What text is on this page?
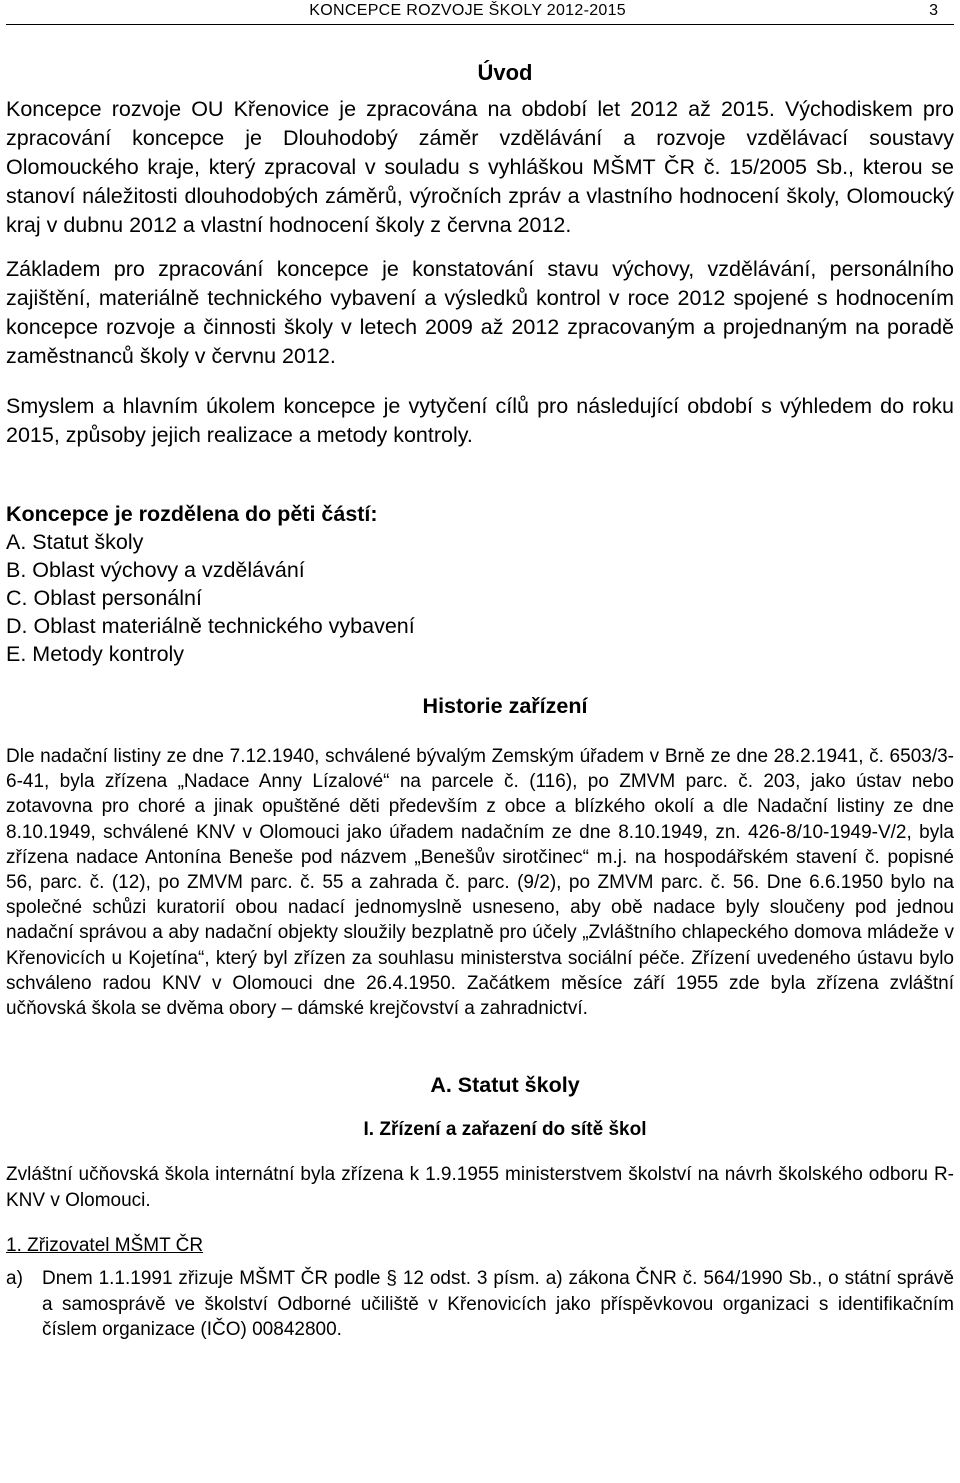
KONCEPCE ROZVOJE ŠKOLY 2012-2015	3
Úvod

Koncepce rozvoje OU Křenovice je zpracována na období let 2012 až 2015. Východiskem pro zpracování koncepce je Dlouhodobý záměr vzdělávání a rozvoje vzdělávací soustavy Olomouckého kraje, který zpracoval v souladu s vyhláškou MŠMT ČR č. 15/2005 Sb., kterou se stanoví náležitosti dlouhodobých záměrů, výročních zpráv a vlastního hodnocení školy, Olomoucký kraj v dubnu 2012 a vlastní hodnocení školy z června 2012.

Základem pro zpracování koncepce je konstatování stavu výchovy, vzdělávání, personálního zajištění, materiálně technického vybavení a výsledků kontrol v roce 2012 spojené s hodnocením koncepce rozvoje a činnosti školy v letech 2009 až 2012 zpracovaným a projednaným na poradě zaměstnanců školy v červnu 2012.

Smyslem a hlavním úkolem koncepce je vytyčení cílů pro následující období s výhledem do roku 2015, způsoby jejich realizace a metody kontroly.

Koncepce je rozdělena do pěti částí:

A. Statut školy

B. Oblast výchovy a vzdělávání

C. Oblast personální

D. Oblast materiálně technického vybavení

E. Metody kontroly

Historie zařízení

Dle nadační listiny ze dne 7.12.1940, schválené bývalým Zemským úřadem v Brně ze dne 28.2.1941, č. 6503/3-6-41, byla zřízena „Nadace Anny Lízalové“ na parcele č. (116), po ZMVM parc. č. 203, jako ústav nebo zotavovna pro choré a jinak opuštěné děti především z obce a blízkého okolí a dle Nadační listiny ze dne 8.10.1949, schválené KNV v Olomouci jako úřadem nadačním ze dne 8.10.1949, zn. 426-8/10-1949-V/2, byla zřízena nadace Antonína Beneše pod názvem „Benešův sirotčinec“ m.j. na hospodářském stavení č. popisné 56, parc. č. (12), po ZMVM parc. č. 55 a zahrada č. parc. (9/2), po ZMVM parc. č. 56. Dne 6.6.1950 bylo na společné schůzi kuratorií obou nadací jednomyslně usneseno, aby obě nadace byly sloučeny pod jednou nadační správou a aby nadační objekty sloužily bezplatně pro účely „Zvláštního chlapeckého domova mládeže v Křenovicích u Kojetína“, který byl zřízen za souhlasu ministerstva sociální péče. Zřízení uvedeného ústavu bylo schváleno radou KNV v Olomouci dne 26.4.1950. Začátkem měsíce září 1955 zde byla zřízena zvláštní učňovská škola se dvěma obory – dámské krejčovství a zahradnictví.

A. Statut školy

I. Zřízení a zařazení do sítě škol

Zvláštní učňovská škola internátní byla zřízena k 1.9.1955 ministerstvem školství na návrh školského odboru R-KNV v Olomouci.

1. Zřizovatel MŠMT ČR

a)	Dnem 1.1.1991 zřizuje MŠMT ČR podle § 12 odst. 3 písm. a) zákona ČNR č. 564/1990 Sb., o státní správě a samosprávě ve školství Odborné učiliště v Křenovicích jako příspěvkovou organizaci s identifikačním číslem organizace (IČO) 00842800.
